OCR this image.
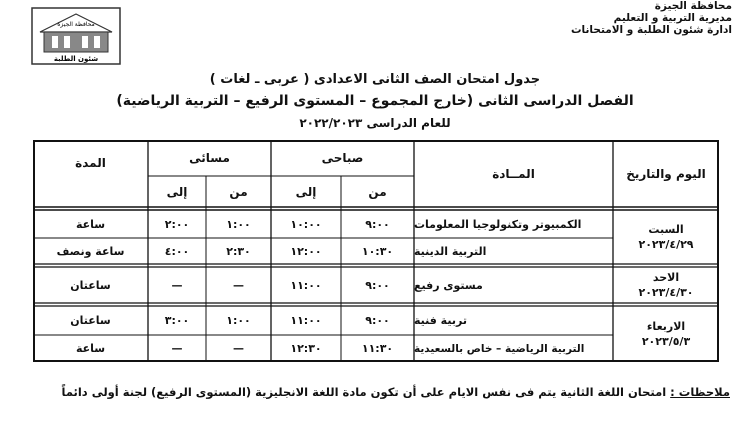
محافظة الجيزة
شئون الطلبة
محافظة الجيزة
مديرية التربية و التعليم
ادارة شئون الطلبة و الامتحانات
جدول امتحان الصف الثانى الاعدادى ( عربى ـ لغات )
الفصل الدراسى الثانى (خارج المجموع – المستوى الرفيع – التربية الرياضية)
للعام الدراسى ٢٠٢٢/٢٠٢٣
اليوم والتاريخ
المــادة
صباحى
مسائى
المدة
من
إلى
من
إلى
السبت
٢٠٢٣/٤/٢٩
الاحد
٢٠٢٣/٤/٣٠
الاربعاء
٢٠٢٣/٥/٣
الكمبيوتر وتكنولوجيا المعلومات
٩:٠٠
١٠:٠٠
١:٠٠
٢:٠٠
ساعة
التربية الدينية
١٠:٣٠
١٢:٠٠
٢:٣٠
٤:٠٠
ساعة ونصف
مستوى رفيع
٩:٠٠
١١:٠٠
—
—
ساعتان
تربية فنية
٩:٠٠
١١:٠٠
١:٠٠
٣:٠٠
ساعتان
التربية الرياضية – خاص بالسعيدية
١١:٣٠
١٢:٣٠
—
—
ساعة
ملاحظات : امتحان اللغة الثانية يتم فى نفس الايام على أن تكون مادة اللغة الانجليزية (المستوى الرفيع) لجنة أولى دائماً
